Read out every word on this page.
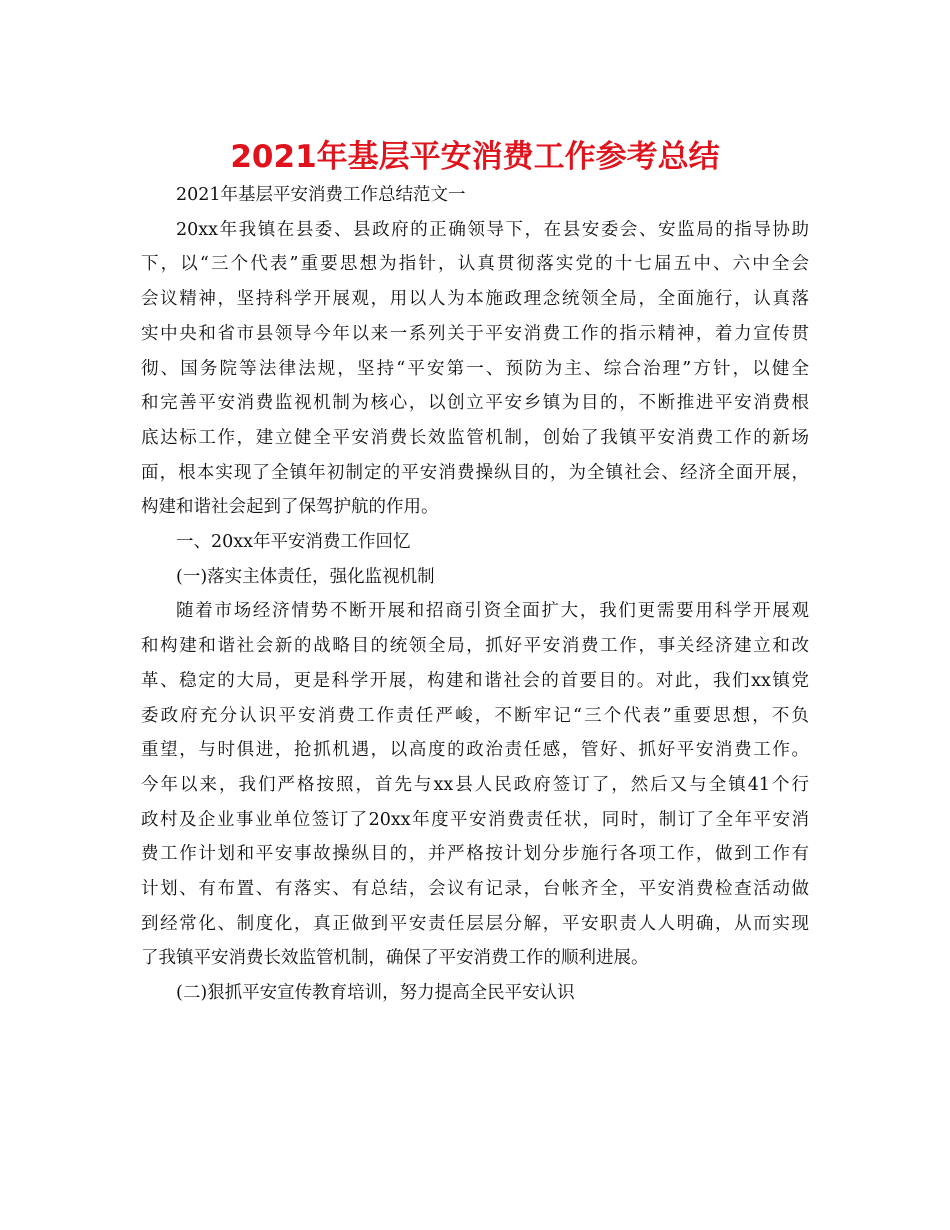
2021年基层平安消费工作参考总结

2021年基层平安消费工作总结范文一

20xx年我镇在县委、县政府的正确领导下，在县安委会、安监局的指导协助
下，以“三个代表”重要思想为指针，认真贯彻落实党的十七届五中、六中全会
会议精神，坚持科学开展观，用以人为本施政理念统领全局，全面施行，认真落
实中央和省市县领导今年以来一系列关于平安消费工作的指示精神，着力宣传贯
彻、国务院等法律法规，坚持“平安第一、预防为主、综合治理”方针，以健全
和完善平安消费监视机制为核心，以创立平安乡镇为目的，不断推进平安消费根
底达标工作，建立健全平安消费长效监管机制，创始了我镇平安消费工作的新场
面，根本实现了全镇年初制定的平安消费操纵目的，为全镇社会、经济全面开展，
构建和谐社会起到了保驾护航的作用。

一、20xx年平安消费工作回忆

(一)落实主体责任，强化监视机制

随着市场经济情势不断开展和招商引资全面扩大，我们更需要用科学开展观
和构建和谐社会新的战略目的统领全局，抓好平安消费工作，事关经济建立和改
革、稳定的大局，更是科学开展，构建和谐社会的首要目的。对此，我们xx镇党
委政府充分认识平安消费工作责任严峻，不断牢记“三个代表”重要思想，不负
重望，与时俱进，抢抓机遇，以高度的政治责任感，管好、抓好平安消费工作。
今年以来，我们严格按照，首先与xx县人民政府签订了，然后又与全镇41个行
政村及企业事业单位签订了20xx年度平安消费责任状，同时，制订了全年平安消
费工作计划和平安事故操纵目的，并严格按计划分步施行各项工作，做到工作有
计划、有布置、有落实、有总结，会议有记录，台帐齐全，平安消费检查活动做
到经常化、制度化，真正做到平安责任层层分解，平安职责人人明确，从而实现
了我镇平安消费长效监管机制，确保了平安消费工作的顺利进展。

(二)狠抓平安宣传教育培训，努力提高全民平安认识
